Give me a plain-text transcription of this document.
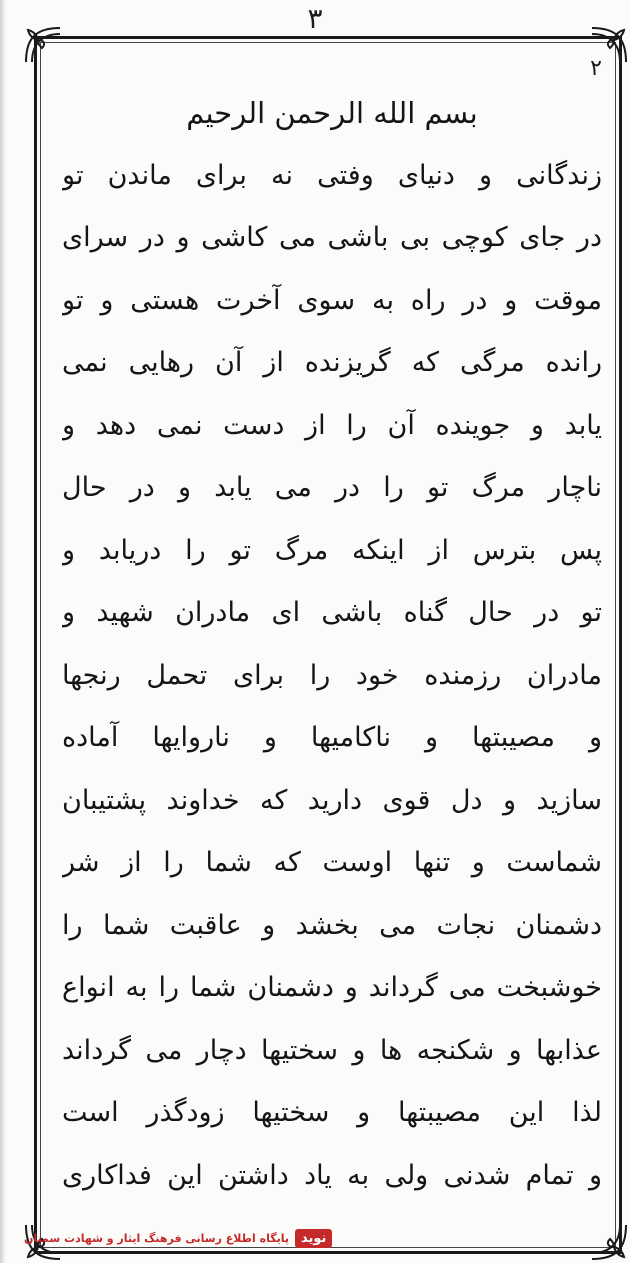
۳
۲
بسم الله الرحمن الرحیم
زندگانی و دنیای وفتی نه برای ماندن تو
در جای کوچی بی باشی می کاشی و در سرای
موقت و در راه به سوی آخرت هستی و تو
رانده مرگی که گریزنده از آن رهایی نمی
یابد و جوینده آن را از دست نمی دهد و
ناچار مرگ تو را در می یابد و در حال
پس بترس از اینکه مرگ تو را دریابد و
تو در حال گناه باشی ای مادران شهید و
مادران رزمنده خود را برای تحمل رنجها
و مصیبتها و ناکامیها و ناروایها آماده
سازید و دل قوی دارید که خداوند پشتیبان
شماست و تنها اوست که شما را از شر
دشمنان نجات می بخشد و عاقبت شما را
خوشبخت می گرداند و دشمنان شما را به انواع
عذابها و شکنجه ها و سختیها دچار می گرداند
لذا این مصیبتها و سختیها زودگذر است
و تمام شدنی ولی به یاد داشتن این فداکاری
نوید
پایگاه اطلاع رسانی فرهنگ ایثار و شهادت سمنان
